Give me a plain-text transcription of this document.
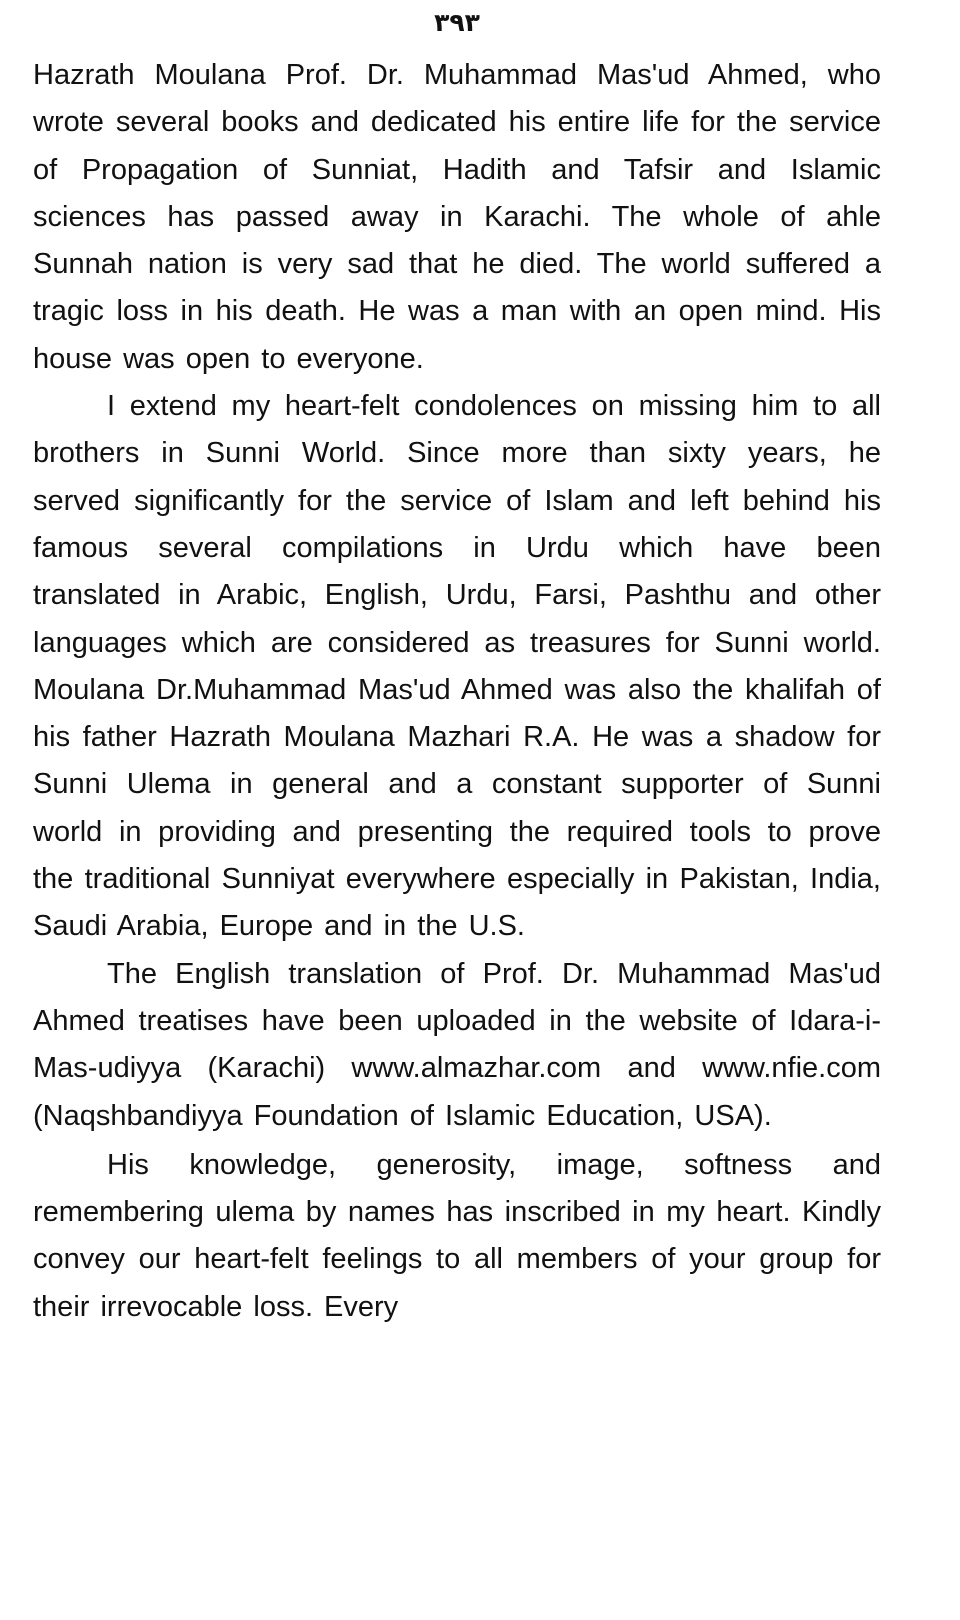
۳۹۳

Hazrath Moulana Prof. Dr. Muhammad Mas'ud Ahmed, who wrote several books and dedicated his entire life for the service of Propagation of Sunniat, Hadith and Tafsir and Islamic sciences has passed away in Karachi. The whole of ahle Sunnah nation is very sad that he died. The world suffered a tragic loss in his death. He was a man with an open mind. His house was open to everyone.

I extend my heart-felt condolences on missing him to all brothers in Sunni World. Since more than sixty years, he served significantly for the service of Islam and left behind his famous several compilations in Urdu which have been translated in Arabic, English, Urdu, Farsi, Pashthu and other languages which are considered as treasures for Sunni world. Moulana Dr.Muhammad Mas'ud Ahmed was also the khalifah of his father Hazrath Moulana Mazhari R.A. He was a shadow for Sunni Ulema in general and a constant supporter of Sunni world in providing and presenting the required tools to prove the traditional Sunniyat everywhere especially in Pakistan, India, Saudi Arabia, Europe and in the U.S.

The English translation of Prof. Dr. Muhammad Mas'ud Ahmed treatises have been uploaded in the website of Idara-i-Mas-udiyya (Karachi) www.almazhar.com and www.nfie.com (Naqshbandiyya Foundation of Islamic Education, USA).

His knowledge, generosity, image, softness and remembering ulema by names has inscribed in my heart. Kindly convey our heart-felt feelings to all members of your group for their irrevocable loss. Every
